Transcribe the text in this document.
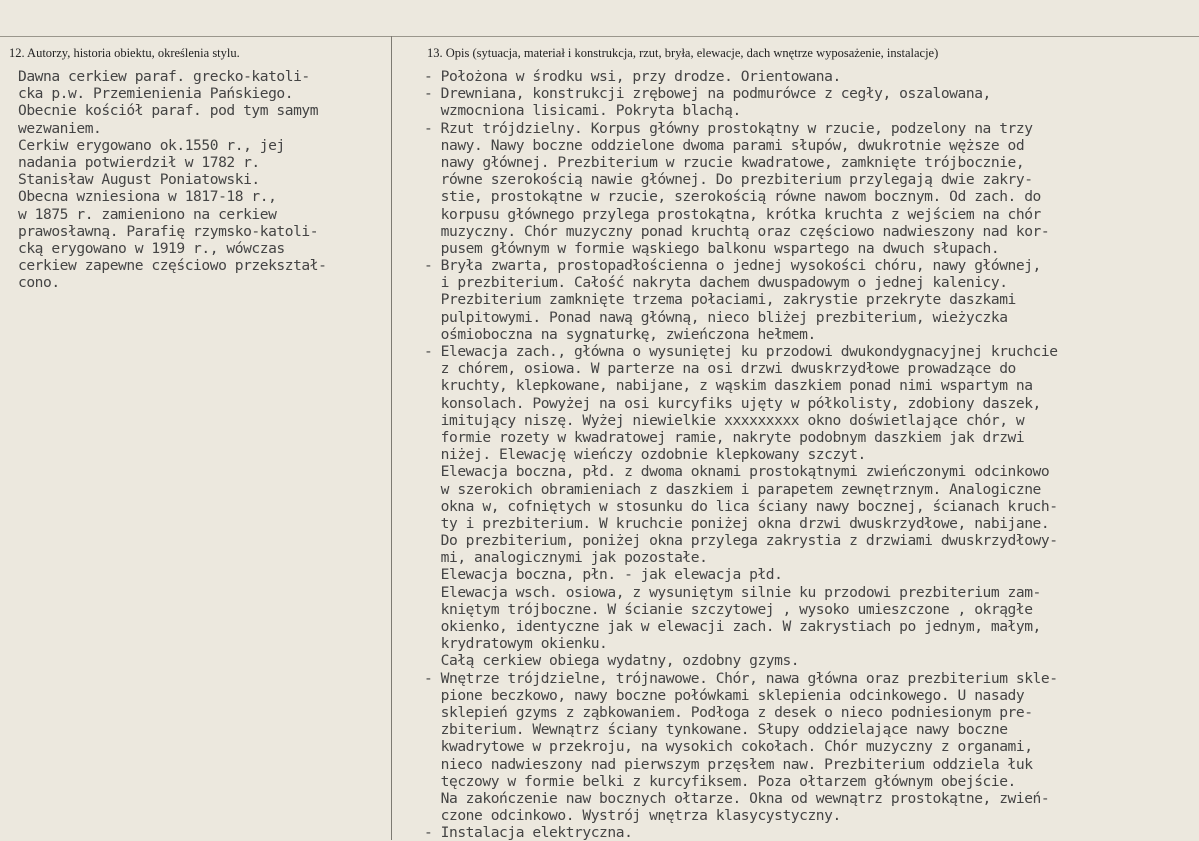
12. Autorzy, historia obiektu, określenia stylu.	13. Opis (sytuacja, materiał i konstrukcja, rzut, bryła, elewacje, dach wnętrze wyposażenie, instalacje)
Dawna cerkiew paraf. grecko-katoli-
cka p.w. Przemienienia Pańskiego.
Obecnie kościół paraf. pod tym samym
wezwaniem.
Cerkiw erygowano ok.1550 r., jej
nadania potwierdził w 1782 r.
Stanisław August Poniatowski.
Obecna wzniesiona w 1817-18 r.,
w 1875 r. zamieniono na cerkiew
prawosławną. Parafię rzymsko-katoli-
cką erygowano w 1919 r., wówczas
cerkiew zapewne częściowo przekształ-
cono.
- Położona w środku wsi, przy drodze. Orientowana.
- Drewniana, konstrukcji zrębowej na podmurówce z cegły, oszalowana,
wzmocniona lisicami. Pokryta blachą.
- Rzut trójdzielny. Korpus główny prostokątny w rzucie, podzelony na trzy
nawy. Nawy boczne oddzielone dwoma parami słupów, dwukrotnie węższe od
nawy głównej. Prezbiterium w rzucie kwadratowe, zamknięte trójbocznie,
równe szerokością nawie głównej. Do prezbiterium przylegają dwie zakry-
stie, prostokątne w rzucie, szerokością równe nawom bocznym. Od zach. do
korpusu głównego przylega prostokątna, krótka kruchta z wejściem na chór
muzyczny. Chór muzyczny ponad kruchtą oraz częściowo nadwieszony nad kor-
pusem głównym w formie wąskiego balkonu wspartego na dwuch słupach.
- Bryła zwarta, prostopadłościenna o jednej wysokości chóru, nawy głównej,
i prezbiterium. Całość nakryta dachem dwuspadowym o jednej kalenicy.
Prezbiterium zamknięte trzema połaciami, zakrystie przekryte daszkami
pulpitowymi. Ponad nawą główną, nieco bliżej prezbiterium, wieżyczka
ośmioboczna na sygnaturkę, zwieńczona hełmem.
- Elewacja zach., główna o wysuniętej ku przodowi dwukondygnacyjnej kruchcie
z chórem, osiowa. W parterze na osi drzwi dwuskrzydłowe prowadzące do
kruchty, klepkowane, nabijane, z wąskim daszkiem ponad nimi wspartym na
konsolach. Powyżej na osi kurcyfiks ujęty w półkolisty, zdobiony daszek,
imitujący niszę. Wyżej niewielkie xxxxxxxxx okno doświetlające chór, w
formie rozety w kwadratowej ramie, nakryte podobnym daszkiem jak drzwi
niżej. Elewację wieńczy ozdobnie klepkowany szczyt.
Elewacja boczna, płd. z dwoma oknami prostokątnymi zwieńczonymi odcinkowo
w szerokich obramieniach z daszkiem i parapetem zewnętrznym. Analogiczne
okna w, cofniętych w stosunku do lica ściany nawy bocznej, ścianach kruch-
ty i prezbiterium. W kruchcie poniżej okna drzwi dwuskrzydłowe, nabijane.
Do prezbiterium, poniżej okna przylega zakrystia z drzwiami dwuskrzydłowy-
mi, analogicznymi jak pozostałe.
Elewacja boczna, płn. - jak elewacja płd.
Elewacja wsch. osiowa, z wysuniętym silnie ku przodowi prezbiterium zam-
kniętym trójboczne. W ścianie szczytowej , wysoko umieszczone , okrągłe
okienko, identyczne jak w elewacji zach. W zakrystiach po jednym, małym,
krydratowym okienku.
Całą cerkiew obiega wydatny, ozdobny gzyms.
- Wnętrze trójdzielne, trójnawowe. Chór, nawa główna oraz prezbiterium skle-
pione beczkowo, nawy boczne połówkami sklepienia odcinkowego. U nasady
sklepień gzyms z ząbkowaniem. Podłoga z desek o nieco podniesionym pre-
zbiterium. Wewnątrz ściany tynkowane. Słupy oddzielające nawy boczne
kwadrytowe w przekroju, na wysokich cokołach. Chór muzyczny z organami,
nieco nadwieszony nad pierwszym przęsłem naw. Prezbiterium oddziela łuk
tęczowy w formie belki z kurcyfiksem. Poza ołtarzem głównym obejście.
Na zakończenie naw bocznych ołtarze. Okna od wewnątrz prostokątne, zwień-
czone odcinkowo. Wystrój wnętrza klasycystyczny.
- Instalacja elektryczna.
